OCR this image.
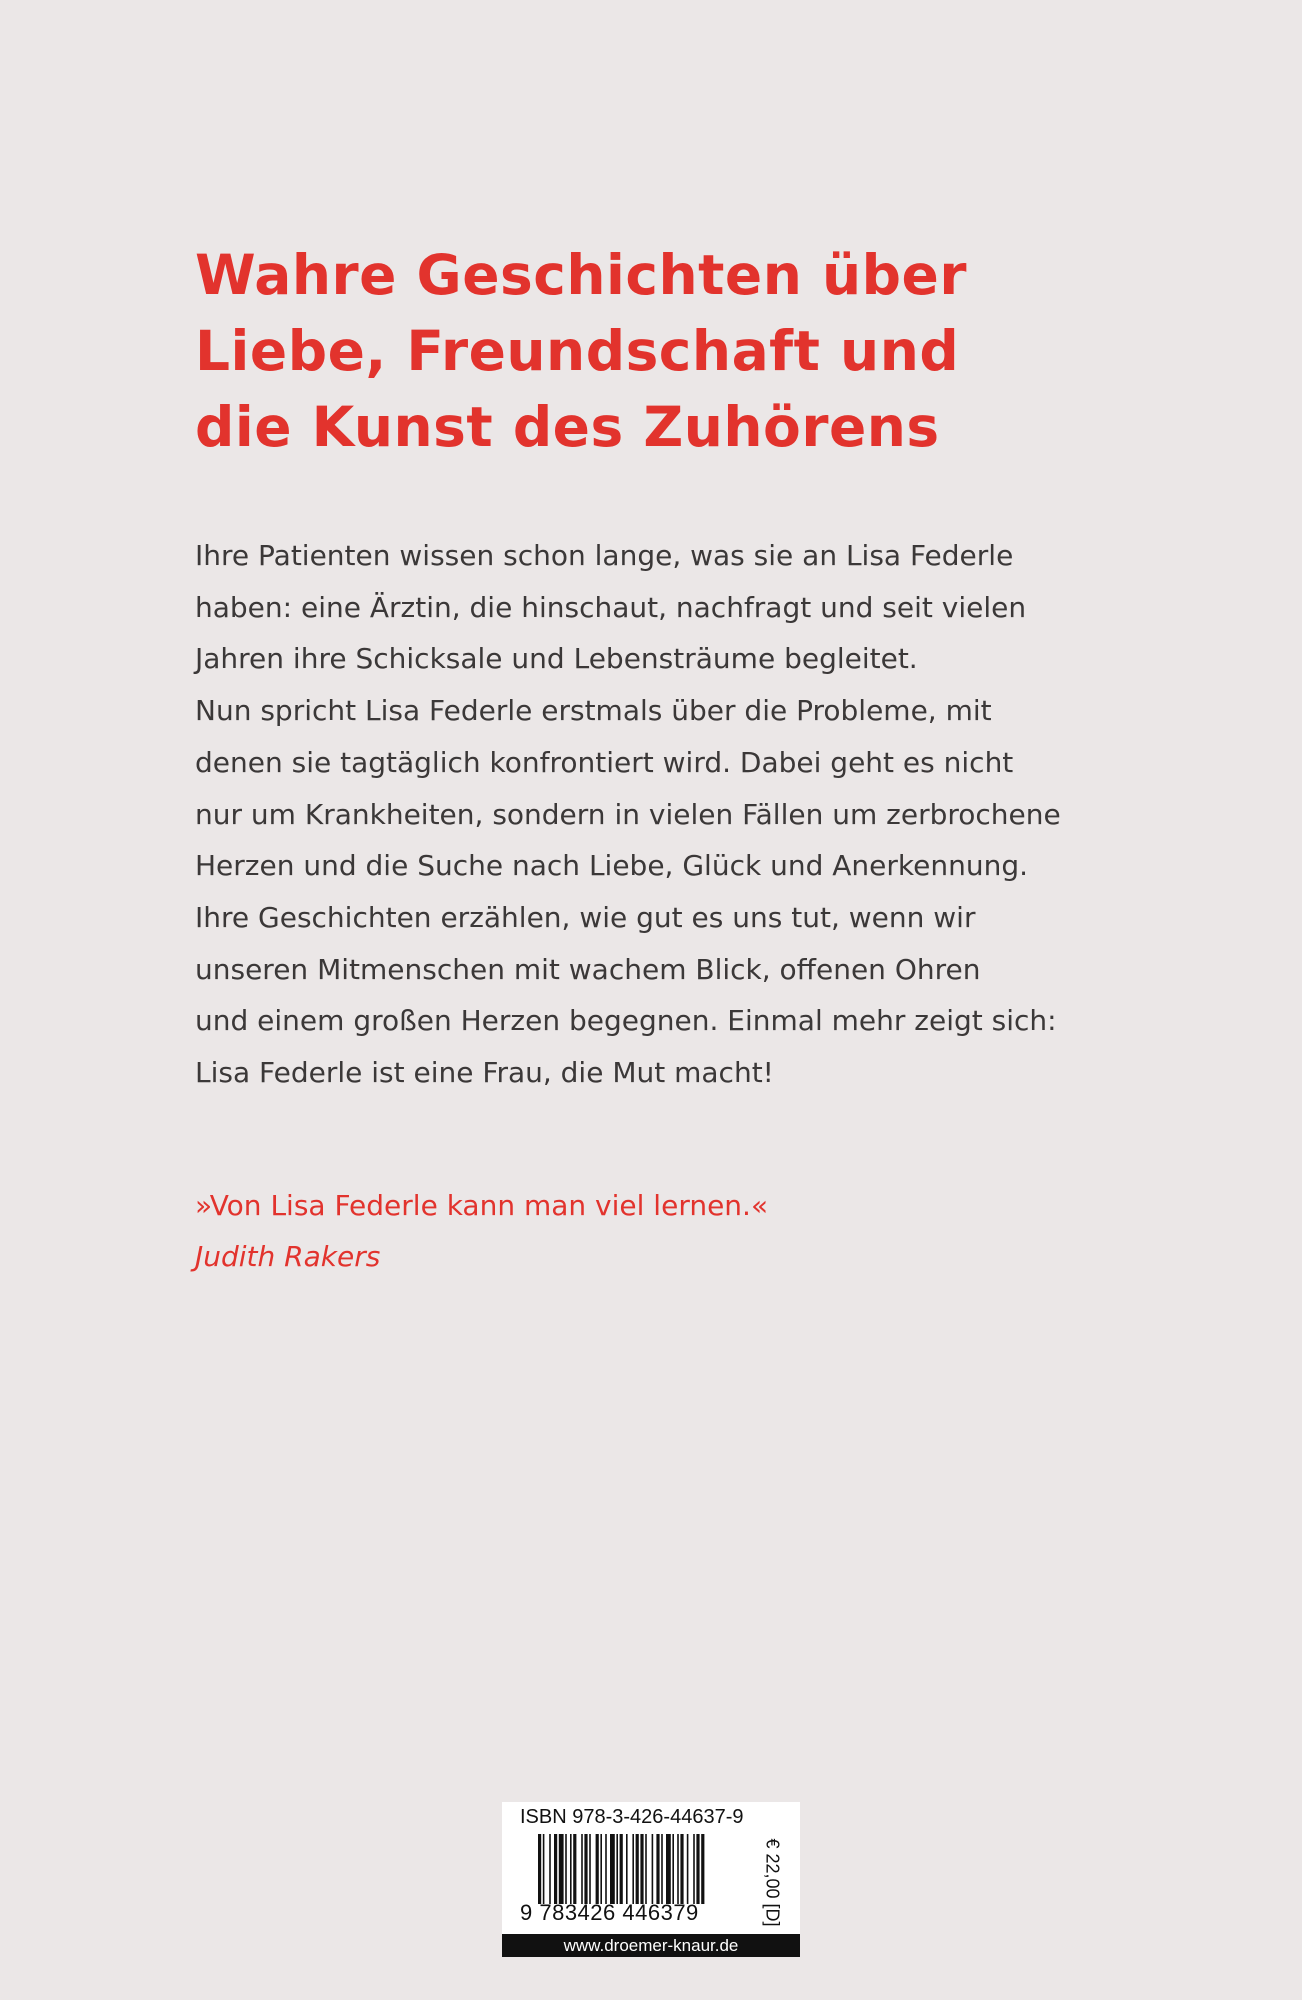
Wahre Geschichten über
Liebe, Freundschaft und
die Kunst des Zuhörens
Ihre Patienten wissen schon lange, was sie an Lisa Federle
haben: eine Ärztin, die hinschaut, nachfragt und seit vielen
Jahren ihre Schicksale und Lebensträume begleitet.
Nun spricht Lisa Federle erstmals über die Probleme, mit
denen sie tagtäglich konfrontiert wird. Dabei geht es nicht
nur um Krankheiten, sondern in vielen Fällen um zerbrochene
Herzen und die Suche nach Liebe, Glück und Anerkennung.
Ihre Geschichten erzählen, wie gut es uns tut, wenn wir
unseren Mitmenschen mit wachem Blick, offenen Ohren
und einem großen Herzen begegnen. Einmal mehr zeigt sich:
Lisa Federle ist eine Frau, die Mut macht!
»Von Lisa Federle kann man viel lernen.«
Judith Rakers
ISBN 978-3-426-44637-9
9 783426 446379	€ 22,00 [D]
www.droemer-knaur.de
